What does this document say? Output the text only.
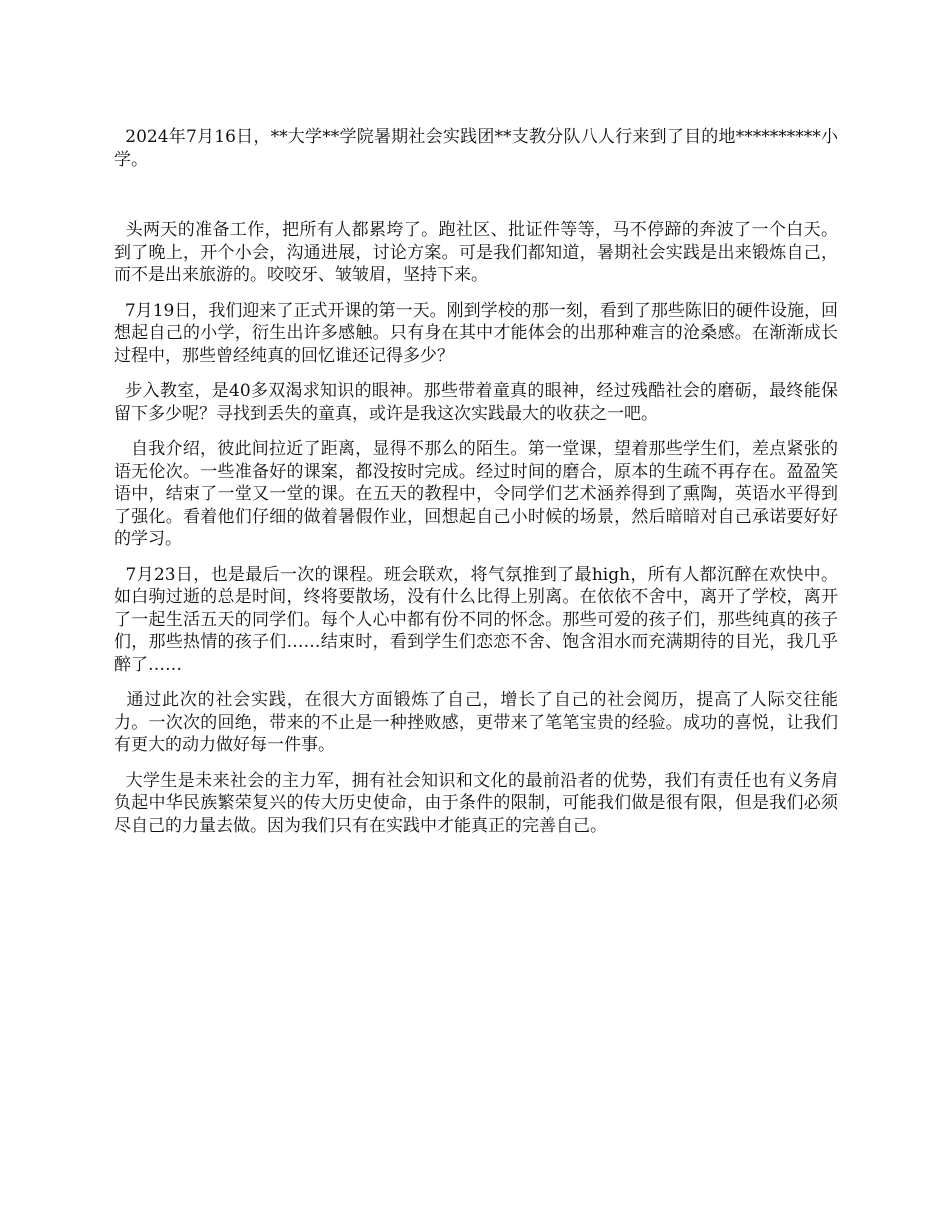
2024年7月16日，**大学**学院暑期社会实践团**支教分队八人行来到了目的地**********小学。

头两天的准备工作，把所有人都累垮了。跑社区、批证件等等，马不停蹄的奔波了一个白天。到了晚上，开个小会，沟通进展，讨论方案。可是我们都知道，暑期社会实践是出来锻炼自己，而不是出来旅游的。咬咬牙、皱皱眉，坚持下来。

7月19日，我们迎来了正式开课的第一天。刚到学校的那一刻，看到了那些陈旧的硬件设施，回想起自己的小学，衍生出许多感触。只有身在其中才能体会的出那种难言的沧桑感。在渐渐成长过程中，那些曾经纯真的回忆谁还记得多少？

步入教室，是40多双渴求知识的眼神。那些带着童真的眼神，经过残酷社会的磨砺，最终能保留下多少呢？寻找到丢失的童真，或许是我这次实践最大的收获之一吧。

自我介绍，彼此间拉近了距离，显得不那么的陌生。第一堂课，望着那些学生们，差点紧张的语无伦次。一些准备好的课案，都没按时完成。经过时间的磨合，原本的生疏不再存在。盈盈笑语中，结束了一堂又一堂的课。在五天的教程中，令同学们艺术涵养得到了熏陶，英语水平得到了强化。看着他们仔细的做着暑假作业，回想起自己小时候的场景，然后暗暗对自己承诺要好好的学习。

7月23日，也是最后一次的课程。班会联欢，将气氛推到了最high，所有人都沉醉在欢快中。如白驹过逝的总是时间，终将要散场，没有什么比得上别离。在依依不舍中，离开了学校，离开了一起生活五天的同学们。每个人心中都有份不同的怀念。那些可爱的孩子们，那些纯真的孩子们，那些热情的孩子们……结束时，看到学生们恋恋不舍、饱含泪水而充满期待的目光，我几乎醉了……

通过此次的社会实践，在很大方面锻炼了自己，增长了自己的社会阅历，提高了人际交往能力。一次次的回绝，带来的不止是一种挫败感，更带来了笔笔宝贵的经验。成功的喜悦，让我们有更大的动力做好每一件事。

大学生是未来社会的主力军，拥有社会知识和文化的最前沿者的优势，我们有责任也有义务肩负起中华民族繁荣复兴的传大历史使命，由于条件的限制，可能我们做是很有限，但是我们必须尽自己的力量去做。因为我们只有在实践中才能真正的完善自己。
